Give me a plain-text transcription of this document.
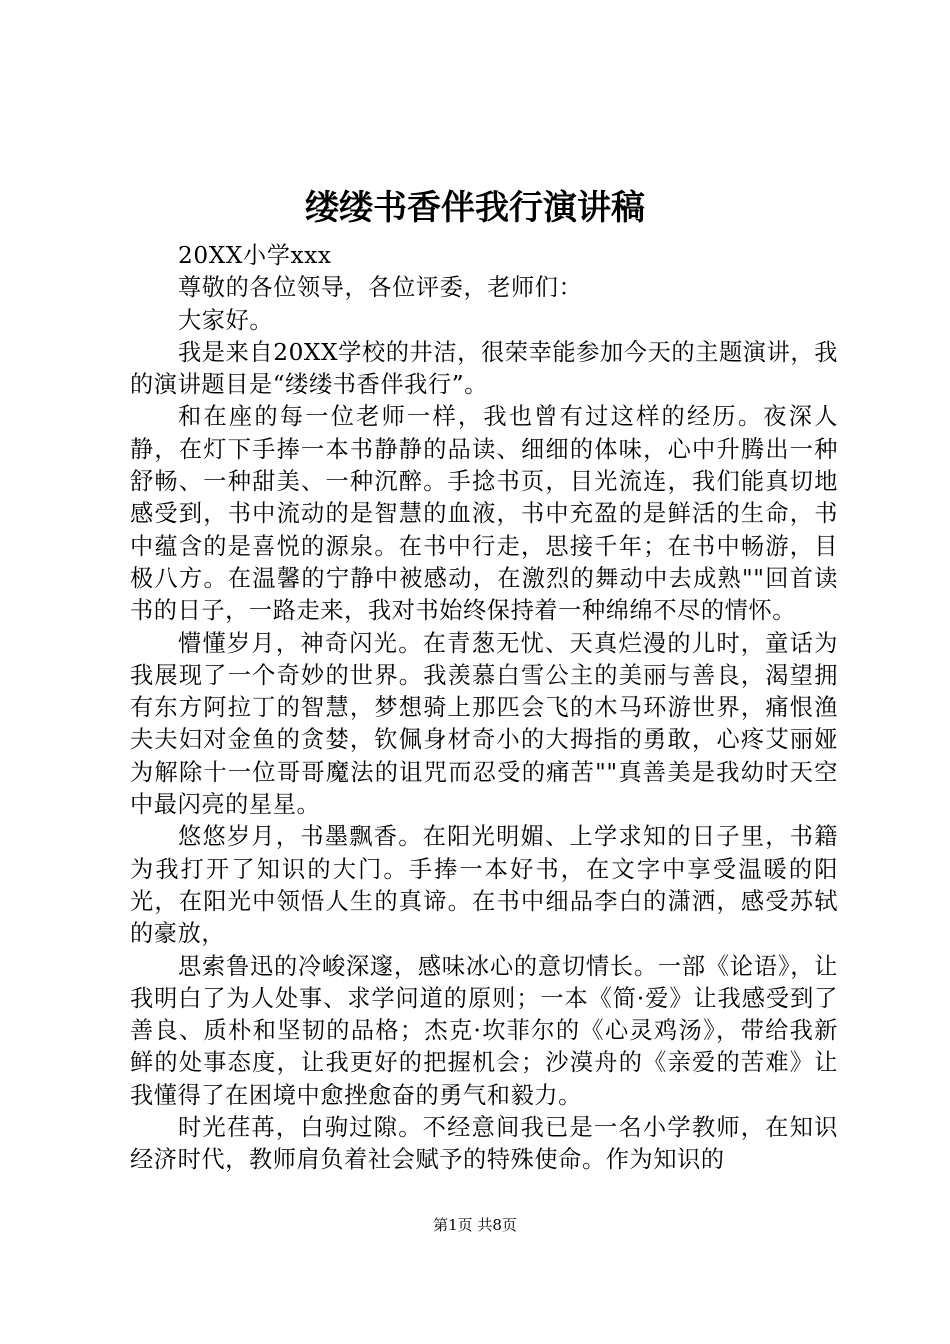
缕缕书香伴我行演讲稿

20XX小学xxx

尊敬的各位领导，各位评委，老师们：

大家好。

我是来自20XX学校的井洁，很荣幸能参加今天的主题演讲，我的演讲题目是“缕缕书香伴我行”。

和在座的每一位老师一样，我也曾有过这样的经历。夜深人静，在灯下手捧一本书静静的品读、细细的体味，心中升腾出一种舒畅、一种甜美、一种沉醉。手捻书页，目光流连，我们能真切地感受到，书中流动的是智慧的血液，书中充盈的是鲜活的生命，书中蕴含的是喜悦的源泉。在书中行走，思接千年；在书中畅游，目极八方。在温馨的宁静中被感动，在激烈的舞动中去成熟""回首读书的日子，一路走来，我对书始终保持着一种绵绵不尽的情怀。

懵懂岁月，神奇闪光。在青葱无忧、天真烂漫的儿时，童话为我展现了一个奇妙的世界。我羡慕白雪公主的美丽与善良，渴望拥有东方阿拉丁的智慧，梦想骑上那匹会飞的木马环游世界，痛恨渔夫夫妇对金鱼的贪婪，钦佩身材奇小的大拇指的勇敢，心疼艾丽娅为解除十一位哥哥魔法的诅咒而忍受的痛苦""真善美是我幼时天空中最闪亮的星星。

悠悠岁月，书墨飘香。在阳光明媚、上学求知的日子里，书籍为我打开了知识的大门。手捧一本好书，在文字中享受温暖的阳光，在阳光中领悟人生的真谛。在书中细品李白的潇洒，感受苏轼的豪放，

思索鲁迅的冷峻深邃，感味冰心的意切情长。一部《论语》，让我明白了为人处事、求学问道的原则；一本《简·爱》让我感受到了善良、质朴和坚韧的品格；杰克·坎菲尔的《心灵鸡汤》，带给我新鲜的处事态度，让我更好的把握机会；沙漠舟的《亲爱的苦难》让我懂得了在困境中愈挫愈奋的勇气和毅力。

时光荏苒，白驹过隙。不经意间我已是一名小学教师，在知识经济时代，教师肩负着社会赋予的特殊使命。作为知识的

第1页 共8页
